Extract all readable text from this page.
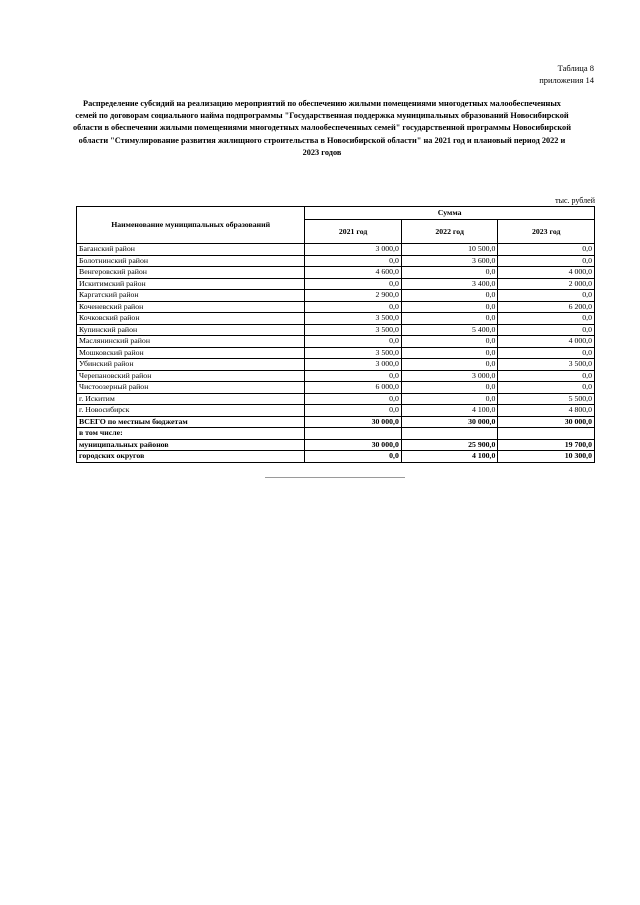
Таблица 8
приложения 14
Распределение субсидий на реализацию мероприятий по обеспечению жилыми помещениями многодетных малообеспеченных семей по договорам социального найма подпрограммы "Государственная поддержка муниципальных образований Новосибирской области в обеспечении жилыми помещениями многодетных малообеспеченных семей" государственной программы Новосибирской области "Стимулирование развития жилищного строительства в Новосибирской области" на 2021 год и плановый период 2022 и 2023 годов
тыс. рублей
Наименование муниципальных образований	Сумма		
	2021 год	2022 год	2023 год
Баганский район	3 000,0	10 500,0	0,0
Болотнинский район	0,0	3 600,0	0,0
Венгеровский район	4 600,0	0,0	4 000,0
Искитимский район	0,0	3 400,0	2 000,0
Каргатский район	2 900,0	0,0	0,0
Коченевский район	0,0	0,0	6 200,0
Кочковский район	3 500,0	0,0	0,0
Купинский район	3 500,0	5 400,0	0,0
Маслянинский район	0,0	0,0	4 000,0
Мошковский район	3 500,0	0,0	0,0
Убинский район	3 000,0	0,0	3 500,0
Черепановский район	0,0	3 000,0	0,0
Чистоозерный район	6 000,0	0,0	0,0
г. Искитим	0,0	0,0	5 500,0
г. Новосибирск	0,0	4 100,0	4 800,0
ВСЕГО по местным бюджетам	30 000,0	30 000,0	30 000,0
в том числе:			
муниципальных районов	30 000,0	25 900,0	19 700,0
городских округов	0,0	4 100,0	10 300,0
